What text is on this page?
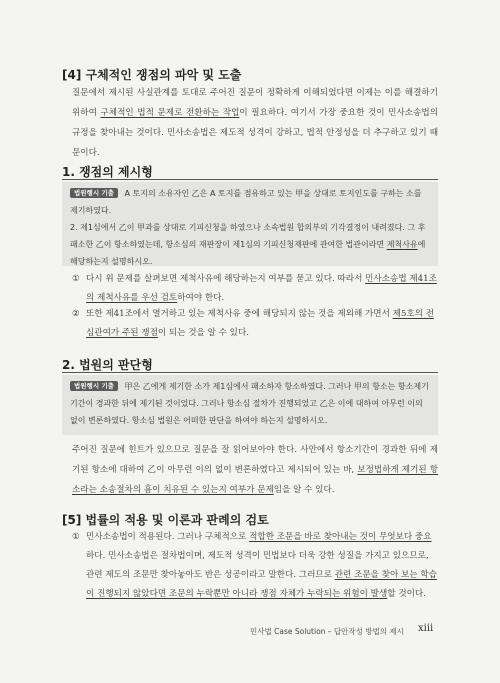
[4] 구체적인 쟁점의 파악 및 도출

질문에서 제시된 사실관계를 토대로 주어진 질문이 정확하게 이해되었다면 이제는 이를 해결하기 위하여 구체적인 법적 문제로 전환하는 작업이 필요하다. 여기서 가장 중요한 것이 민사소송법의 규정을 찾아내는 것이다. 민사소송법은 제도적 성격이 강하고, 법적 안정성을 더 추구하고 있기 때문이다.

1. 쟁점의 제시형
법원행시 기출 A 토지의 소유자인 乙은 A 토지를 점유하고 있는 甲을 상대로 토지인도를 구하는 소를 제기하였다.
2. 제1심에서 乙이 甲과를 상대로 기피신청을 하였으나 소속법원 합의부의 기각결정이 내려졌다. 그 후 패소한 乙이 항소하였는데, 항소심의 재판장이 제1심의 기피신청재판에 관여한 법관이라면 제척사유에 해당하는지 설명하시오.
① 다시 위 문제를 살펴보면 제척사유에 해당하는지 여부를 묻고 있다. 따라서 민사소송법 제41조의 제척사유를 우선 검토하여야 한다.
② 또한 제41조에서 열거하고 있는 제척사유 중에 해당되지 않는 것을 제외해 가면서 제5호의 전심관여가 주된 쟁점이 되는 것을 알 수 있다.
2. 법원의 판단형
법원행시 기출 甲은 乙에게 제기한 소가 제1심에서 패소하자 항소하였다. 그러나 甲의 항소는 항소제기기간이 경과한 뒤에 제기된 것이었다. 그러나 항소심 절차가 진행되었고 乙은 이에 대하여 아무런 이의 없이 변론하였다. 항소심 법원은 어떠한 판단을 하여야 하는지 설명하시오.

주어진 질문에 힌트가 있으므로 질문을 잘 읽어보아야 한다. 사안에서 항소기간이 경과한 뒤에 제기된 항소에 대하여 乙이 아무런 이의 없이 변론하였다고 제시되어 있는 바, 보정법하게 제기된 항소라는 소송절차의 흠이 치유된 수 있는지 여부가 문제임을 알 수 있다.

[5] 법률의 적용 및 이론과 판례의 검토
① 민사소송법이 적용된다. 그러나 구체적으로 적합한 조문을 바로 찾아내는 것이 무엇보다 중요하다. 민사소송법은 절차법이며, 제도적 성격이 민법보다 더욱 강한 성질을 가지고 있으므로, 관련 제도의 조문만 찾아놓아도 반은 성공이라고 말한다. 그러므로 관련 조문을 찾아 보는 학습이 진행되지 않았다면 조문의 누락뿐만 아니라 쟁점 자체가 누락되는 위험이 발생할 것이다.
민사법 Case Solution – 답안작성 방법의 제시 xiii
